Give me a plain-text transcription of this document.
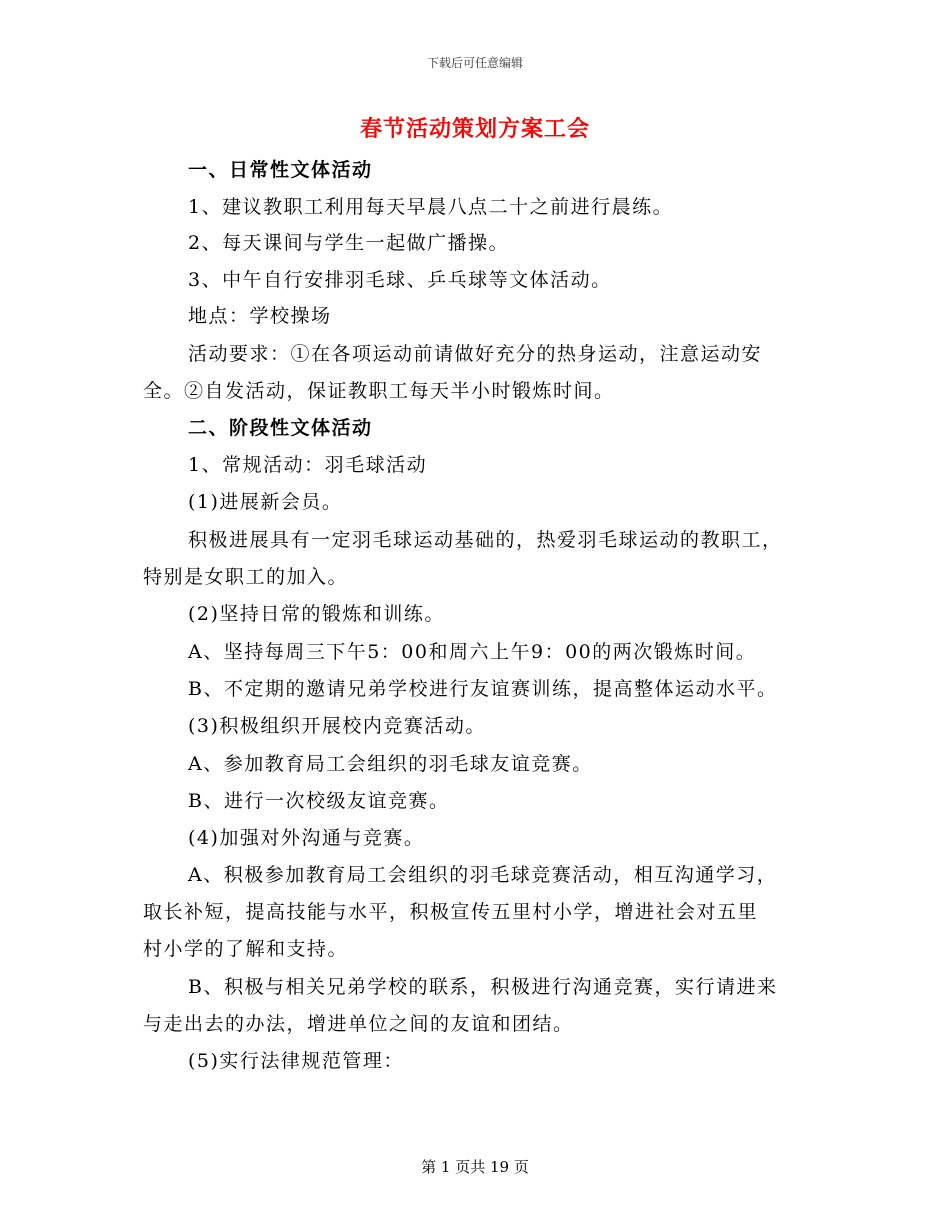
下载后可任意编辑
春节活动策划方案工会
一、日常性文体活动
1、建议教职工利用每天早晨八点二十之前进行晨练。
2、每天课间与学生一起做广播操。
3、中午自行安排羽毛球、乒乓球等文体活动。
地点：学校操场
活动要求：①在各项运动前请做好充分的热身运动，注意运动安
全。②自发活动，保证教职工每天半小时锻炼时间。
二、阶段性文体活动
1、常规活动：羽毛球活动
(1)进展新会员。
积极进展具有一定羽毛球运动基础的，热爱羽毛球运动的教职工，
特别是女职工的加入。
(2)坚持日常的锻炼和训练。
A、坚持每周三下午5：00和周六上午9：00的两次锻炼时间。
B、不定期的邀请兄弟学校进行友谊赛训练，提高整体运动水平。
(3)积极组织开展校内竞赛活动。
A、参加教育局工会组织的羽毛球友谊竞赛。
B、进行一次校级友谊竞赛。
(4)加强对外沟通与竞赛。
A、积极参加教育局工会组织的羽毛球竞赛活动，相互沟通学习，
取长补短，提高技能与水平，积极宣传五里村小学，增进社会对五里
村小学的了解和支持。
B、积极与相关兄弟学校的联系，积极进行沟通竞赛，实行请进来
与走出去的办法，增进单位之间的友谊和团结。
(5)实行法律规范管理：
第 1 页共 19 页
